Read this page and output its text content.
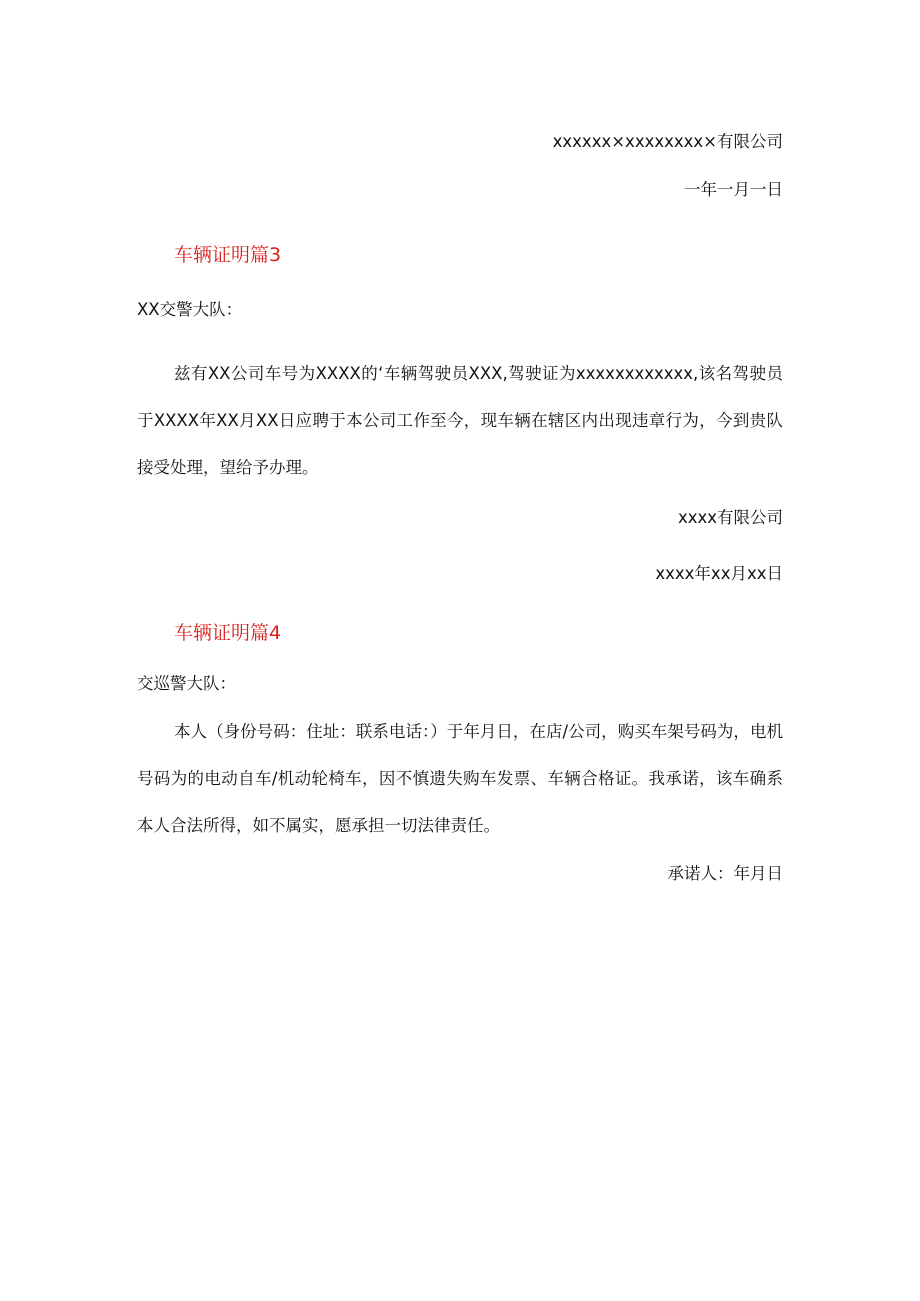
xxxxxx×xxxxxxxx×有限公司
一年一月一日
车辆证明篇3
XX交警大队：
兹有XX公司车号为XXXX的‘车辆驾驶员XXX,驾驶证为xxxxxxxxxxxx,该名驾驶员于XXXX年XX月XX日应聘于本公司工作至今，现车辆在辖区内出现违章行为，今到贵队接受处理，望给予办理。
xxxx有限公司
xxxx年xx月xx日
车辆证明篇4
交巡警大队：
本人（身份号码：住址：联系电话：）于年月日，在店/公司，购买车架号码为，电机号码为的电动自车/机动轮椅车，因不慎遗失购车发票、车辆合格证。我承诺，该车确系本人合法所得，如不属实，愿承担一切法律责任。
承诺人：年月日
